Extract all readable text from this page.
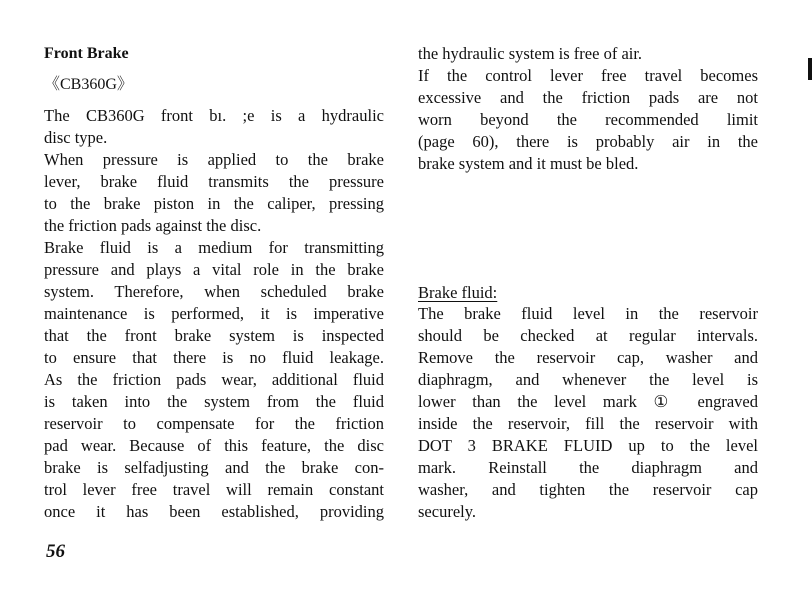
Front Brake
《CB360G》
The CB360G front bı. ;e is a hydraulic
disc type.
When pressure is applied to the brake
lever, brake fluid transmits the pressure
to the brake piston in the caliper, pressing
the friction pads against the disc.
Brake fluid is a medium for transmitting
pressure and plays a vital role in the brake
system. Therefore, when scheduled brake
maintenance is performed, it is imperative
that the front brake system is inspected
to ensure that there is no fluid leakage.
As the friction pads wear, additional fluid
is taken into the system from the fluid
reservoir to compensate for the friction
pad wear. Because of this feature, the disc
brake is selfadjusting and the brake con-
trol lever free travel will remain constant
once it has been established, providing
the hydraulic system is free of air.
If the control lever free travel becomes
excessive and the friction pads are not
worn beyond the recommended limit
(page 60), there is probably air in the
brake system and it must be bled.
Brake fluid:
The brake fluid level in the reservoir
should be checked at regular intervals.
Remove the reservoir cap, washer and
diaphragm, and whenever the level is
lower than the level mark ① engraved
inside the reservoir, fill the reservoir with
DOT 3 BRAKE FLUID up to the level
mark. Reinstall the diaphragm and
washer, and tighten the reservoir cap
securely.
56
